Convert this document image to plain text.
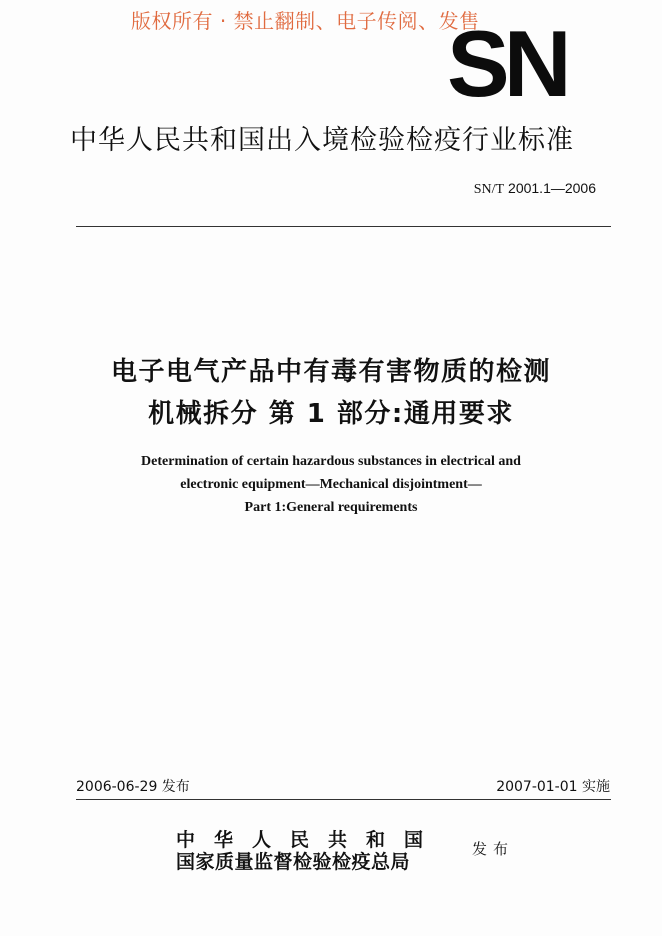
版权所有 · 禁止翻制、电子传阅、发售
SN
中华人民共和国出入境检验检疫行业标准
SN/T 2001.1—2006
电子电气产品中有毒有害物质的检测
机械拆分 第 1 部分:通用要求
Determination of certain hazardous substances in electrical and
electronic equipment—Mechanical disjointment—
Part 1:General requirements
2006-06-29 发布	2007-01-01 实施
中华人民共和国
国家质量监督检验检疫总局
发布
